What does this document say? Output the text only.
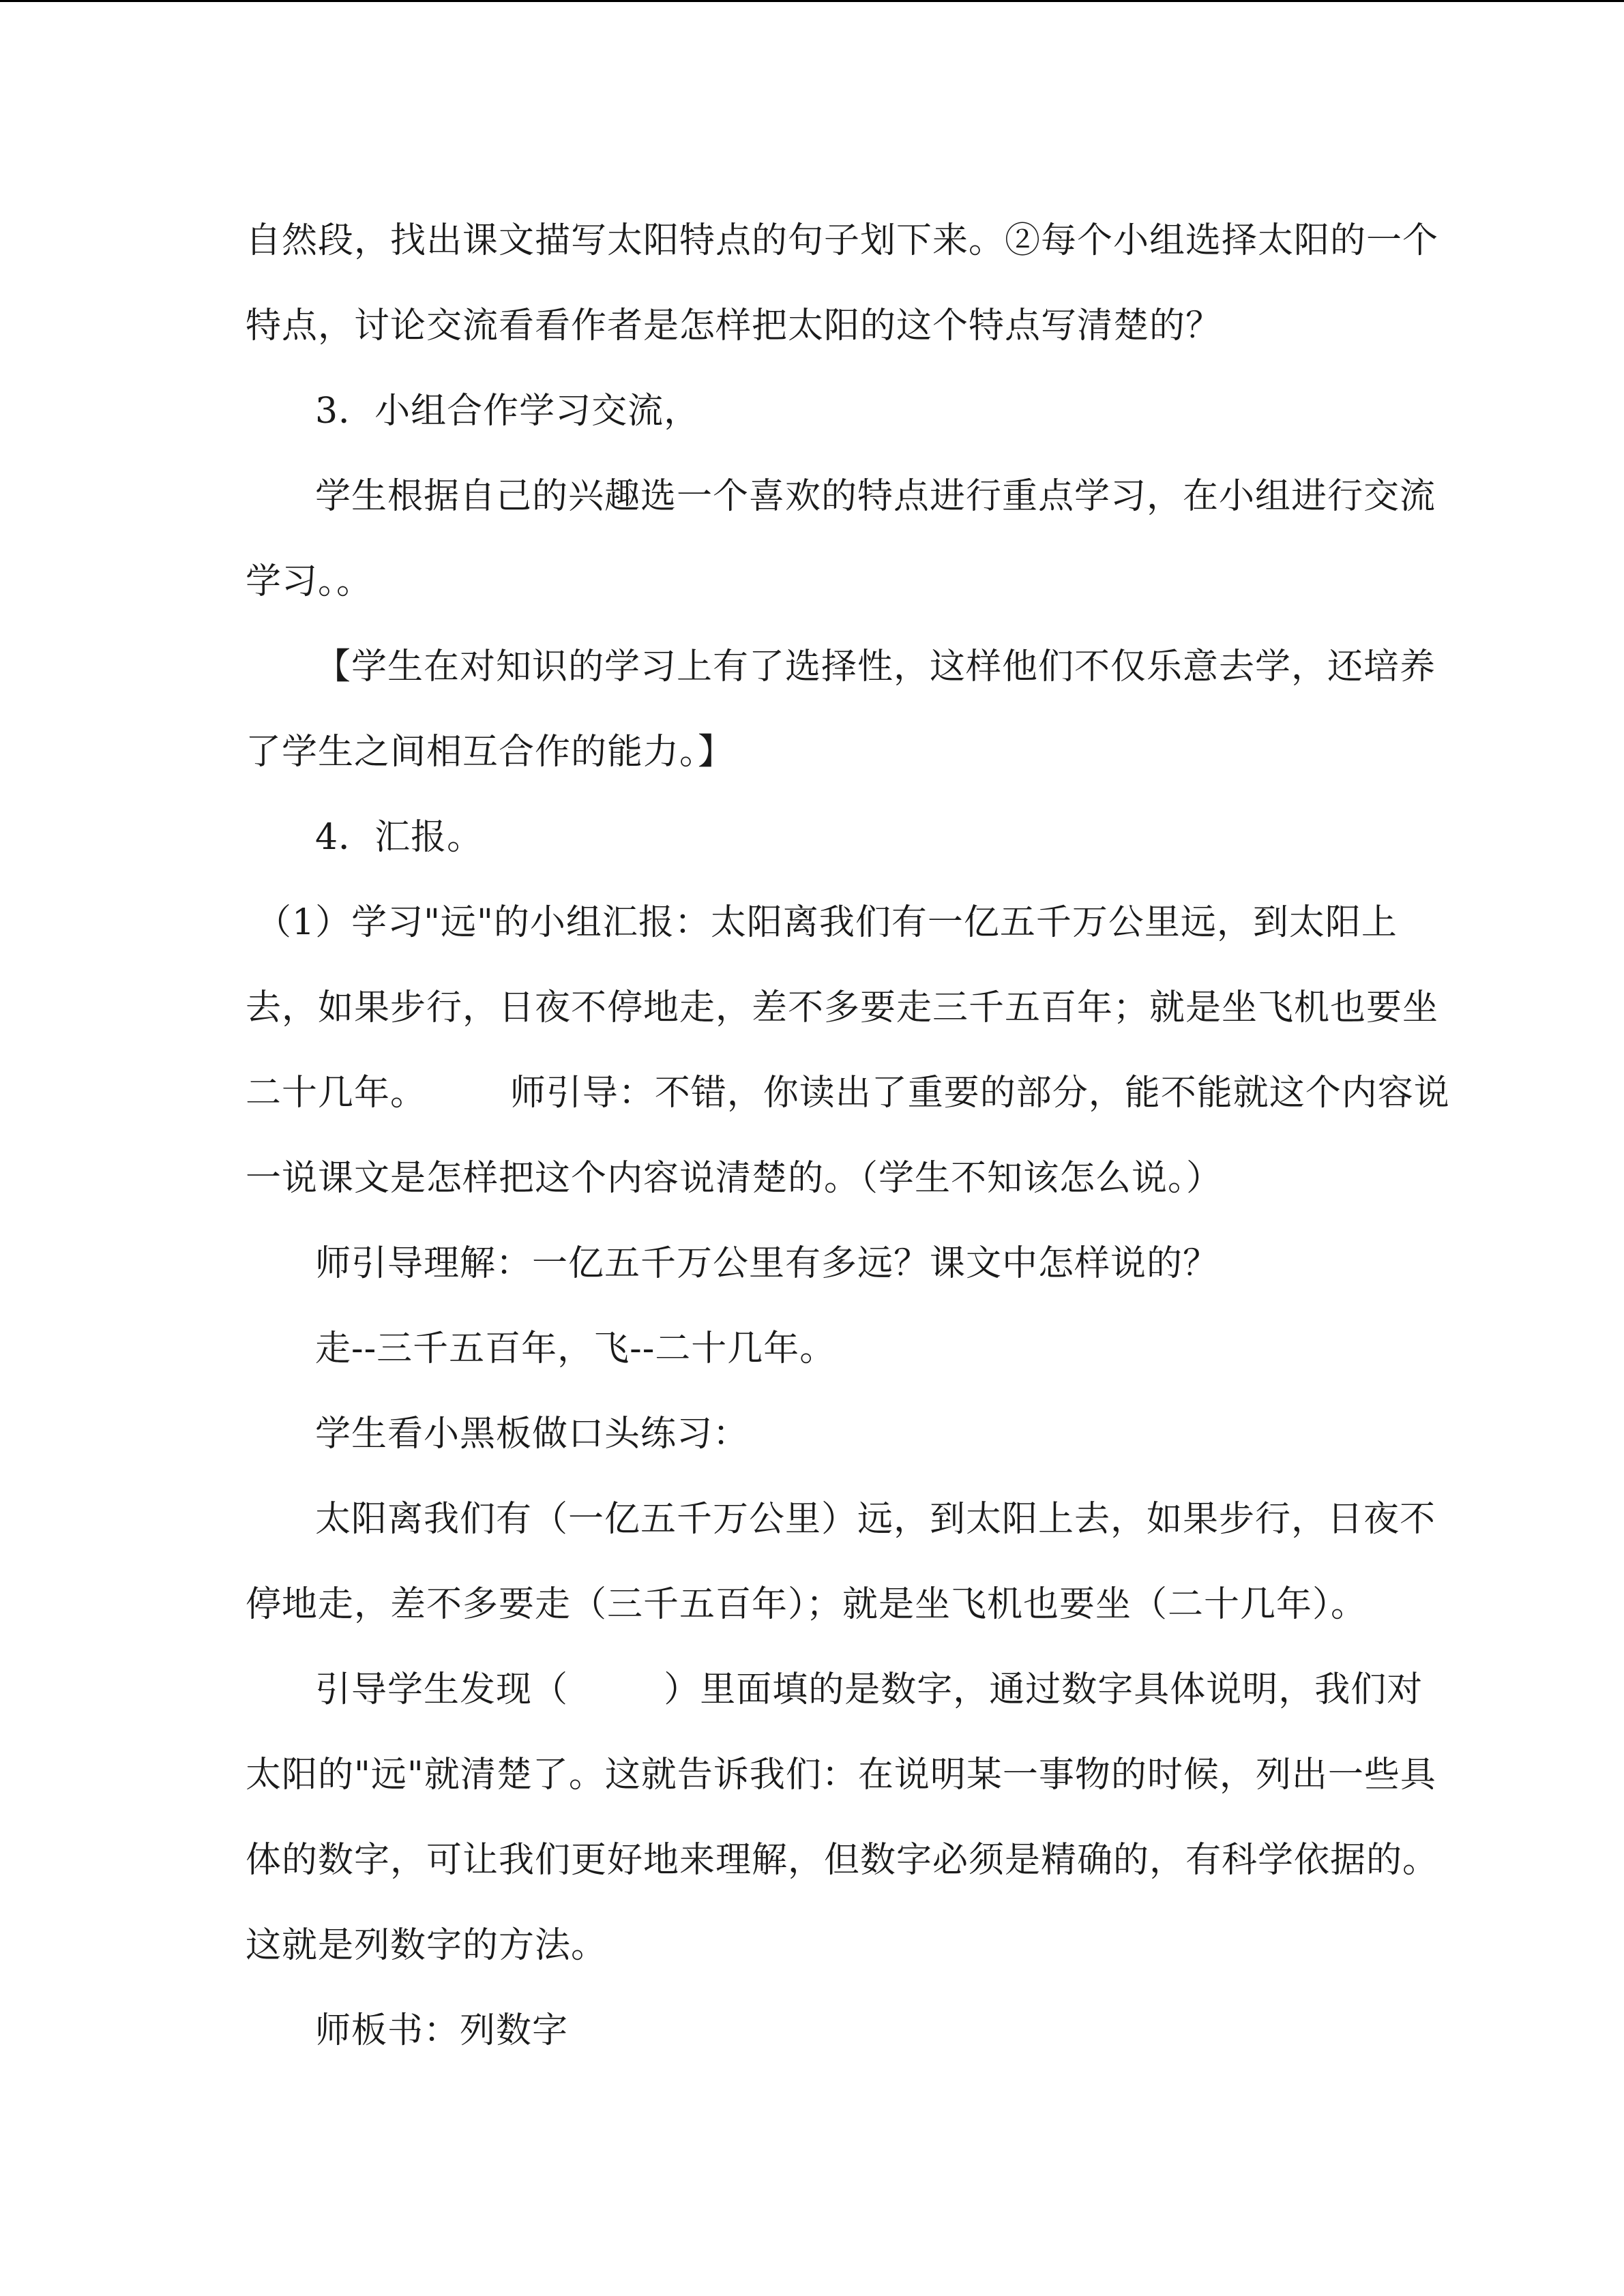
自然段，找出课文描写太阳特点的句子划下来。②每个小组选择太阳的一个
特点，讨论交流看看作者是怎样把太阳的这个特点写清楚的？
3．小组合作学习交流，
学生根据自己的兴趣选一个喜欢的特点进行重点学习，在小组进行交流
学习。。
【学生在对知识的学习上有了选择性，这样他们不仅乐意去学，还培养
了学生之间相互合作的能力。】
4．汇报。
（1）学习"远"的小组汇报：太阳离我们有一亿五千万公里远，到太阳上
去，如果步行，日夜不停地走，差不多要走三千五百年；就是坐飞机也要坐
二十几年。       师引导：不错，你读出了重要的部分，能不能就这个内容说
一说课文是怎样把这个内容说清楚的。（学生不知该怎么说。）
师引导理解：一亿五千万公里有多远？课文中怎样说的？
走--三千五百年，飞--二十几年。
学生看小黑板做口头练习：
太阳离我们有（一亿五千万公里）远，到太阳上去，如果步行，日夜不
停地走，差不多要走（三千五百年）；就是坐飞机也要坐（二十几年）。
引导学生发现（        ）里面填的是数字，通过数字具体说明，我们对
太阳的"远"就清楚了。这就告诉我们：在说明某一事物的时候，列出一些具
体的数字，可让我们更好地来理解，但数字必须是精确的，有科学依据的。
这就是列数字的方法。
师板书：列数字
